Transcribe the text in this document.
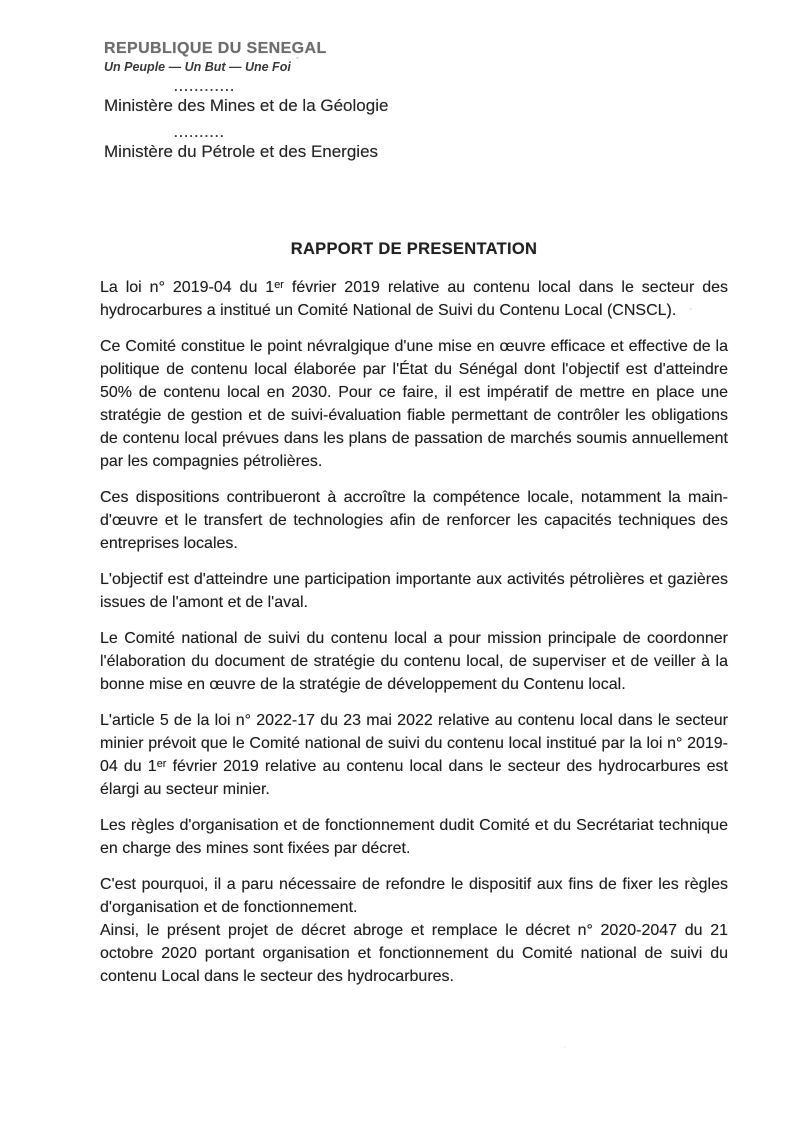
REPUBLIQUE DU SENEGAL
Un Peuple — Un But — Une Foi
............
Ministère des Mines et de la Géologie
..........
Ministère du Pétrole et des Energies
RAPPORT DE PRESENTATION

La loi n° 2019-04 du 1ᵉʳ février 2019 relative au contenu local dans le secteur des hydrocarbures a institué un Comité National de Suivi du Contenu Local (CNSCL).

Ce Comité constitue le point névralgique d'une mise en œuvre efficace et effective de la politique de contenu local élaborée par l'État du Sénégal dont l'objectif est d'atteindre 50% de contenu local en 2030. Pour ce faire, il est impératif de mettre en place une stratégie de gestion et de suivi-évaluation fiable permettant de contrôler les obligations de contenu local prévues dans les plans de passation de marchés soumis annuellement par les compagnies pétrolières.

Ces dispositions contribueront à accroître la compétence locale, notamment la main-d'œuvre et le transfert de technologies afin de renforcer les capacités techniques des entreprises locales.

L'objectif est d'atteindre une participation importante aux activités pétrolières et gazières issues de l'amont et de l'aval.

Le Comité national de suivi du contenu local a pour mission principale de coordonner l'élaboration du document de stratégie du contenu local, de superviser et de veiller à la bonne mise en œuvre de la stratégie de développement du Contenu local.

L'article 5 de la loi n° 2022-17 du 23 mai 2022 relative au contenu local dans le secteur minier prévoit que le Comité national de suivi du contenu local institué par la loi n° 2019-04 du 1ᵉʳ février 2019 relative au contenu local dans le secteur des hydrocarbures est élargi au secteur minier.

Les règles d'organisation et de fonctionnement dudit Comité et du Secrétariat technique en charge des mines sont fixées par décret.

C'est pourquoi, il a paru nécessaire de refondre le dispositif aux fins de fixer les règles d'organisation et de fonctionnement.

Ainsi, le présent projet de décret abroge et remplace le décret n° 2020-2047 du 21 octobre 2020 portant organisation et fonctionnement du Comité national de suivi du contenu Local dans le secteur des hydrocarbures.
